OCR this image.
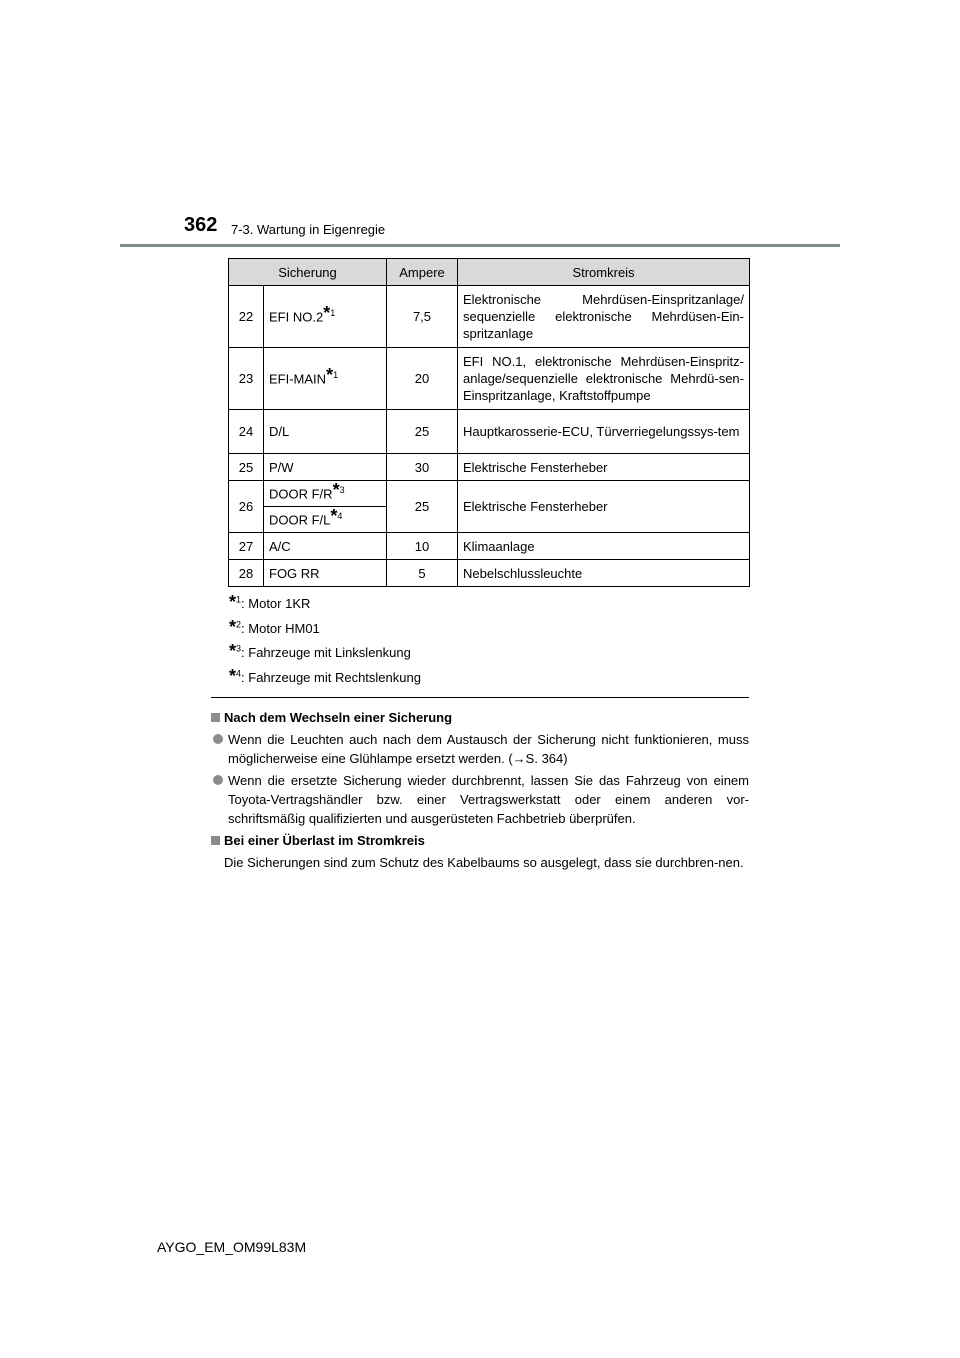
362 7-3. Wartung in Eigenregie
Sicherung		Ampere	Stromkreis
22	EFI NO.2*$^1$	7,5	Elektronische Mehrdüsen-Einspritzanlage/ sequenzielle elektronische Mehrdüsen-Ein-spritzanlage
23	EFI-MAIN*$^1$	20	EFI NO.1, elektronische Mehrdüsen-Einspritz-anlage/sequenzielle elektronische Mehrdü-sen-Einspritzanlage, Kraftstoffpumpe
24	D/L	25	Hauptkarosserie-ECU, Türverriegelungssys-tem
25	P/W	30	Elektrische Fensterheber
26	DOOR F/R*$^3$	25	Elektrische Fensterheber
	DOOR F/L*$^4$
27	A/C	10	Klimaanlage
28	FOG RR	5	Nebelschlussleuchte
*$^1$: Motor 1KR
*$^2$: Motor HM01
*$^3$: Fahrzeuge mit Linkslenkung
*$^4$: Fahrzeuge mit Rechtslenkung
Nach dem Wechseln einer Sicherung
Wenn die Leuchten auch nach dem Austausch der Sicherung nicht funktionieren, muss möglicherweise eine Glühlampe ersetzt werden. (→S. 364)
Wenn die ersetzte Sicherung wieder durchbrennt, lassen Sie das Fahrzeug von einem Toyota-Vertragshändler bzw. einer Vertragswerkstatt oder einem anderen vor-schriftsmäßig qualifizierten und ausgerüsteten Fachbetrieb überprüfen.
Bei einer Überlast im Stromkreis
Die Sicherungen sind zum Schutz des Kabelbaums so ausgelegt, dass sie durchbren-nen.
AYGO_EM_OM99L83M
